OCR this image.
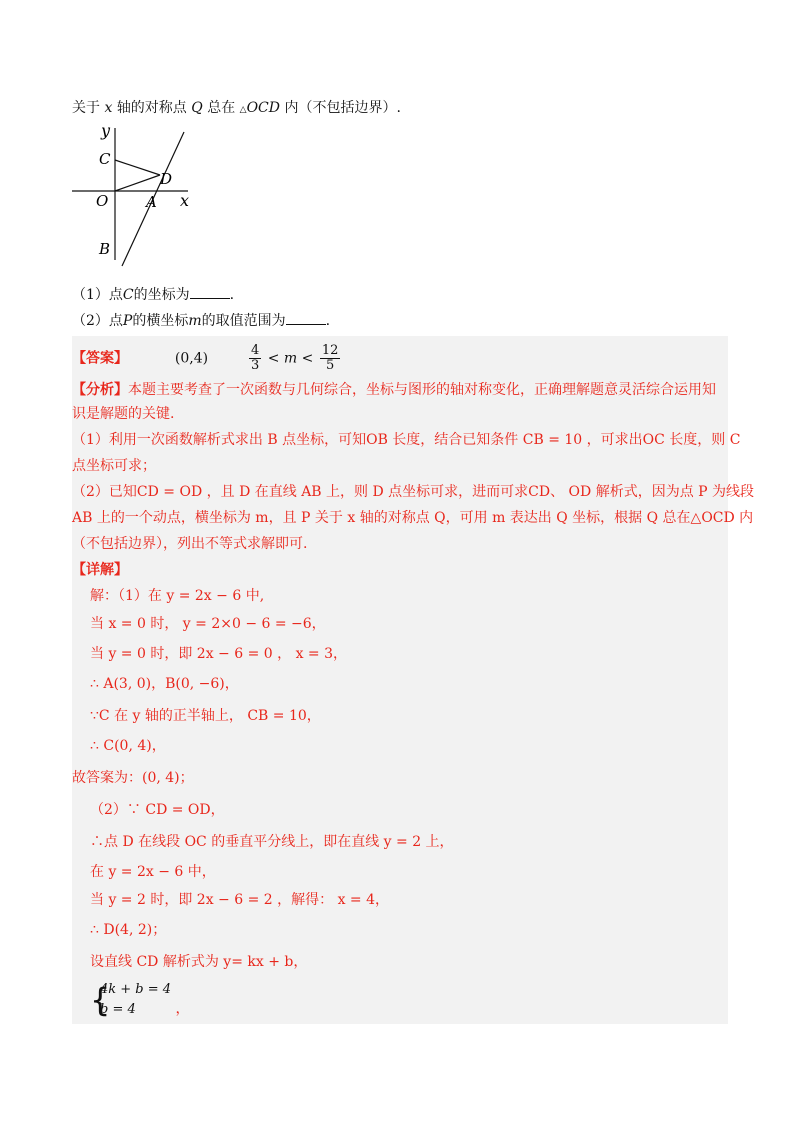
关于 x 轴的对称点 Q 总在 △OCD 内（不包括边界）.
y
x
O	A
B
C
D
（1）点C的坐标为	.
（2）点P的横坐标m的取值范围为	.
【答案】	(0,4)	$\frac{4}{3} < m < \frac{12}{5}$
【分析】本题主要考查了一次函数与几何综合，坐标与图形的轴对称变化，正确理解题意灵活综合运用知
识是解题的关键.
（1）利用一次函数解析式求出 B 点坐标，可知OB 长度，结合已知条件 CB = 10 ，可求出OC 长度，则 C
点坐标可求；
（2）已知CD = OD ，且 D 在直线 AB 上，则 D 点坐标可求，进而可求CD、 OD 解析式，因为点 P 为线段
AB 上的一个动点，横坐标为 m，且 P 关于 x 轴的对称点 Q，可用 m 表达出 Q 坐标，根据 Q 总在△OCD 内
（不包括边界），列出不等式求解即可.
【详解】
解：（1）在 y = 2x − 6 中,
当 x = 0 时， y = 2×0 − 6 = −6，
当 y = 0 时，即 2x − 6 = 0 ， x = 3，
∴ A(3, 0)，B(0, −6)，
∵C 在 y 轴的正半轴上， CB = 10，
∴ C(0, 4)，
故答案为：(0, 4)；
（2）∵ CD = OD，
∴点 D 在线段 OC 的垂直平分线上，即在直线 y = 2 上，
在 y = 2x − 6 中，
当 y = 2 时，即 2x − 6 = 2 ，解得： x = 4，
∴ D(4, 2)；
设直线 CD 解析式为 y= kx + b，
{
4k + b = 4
b = 4	，
